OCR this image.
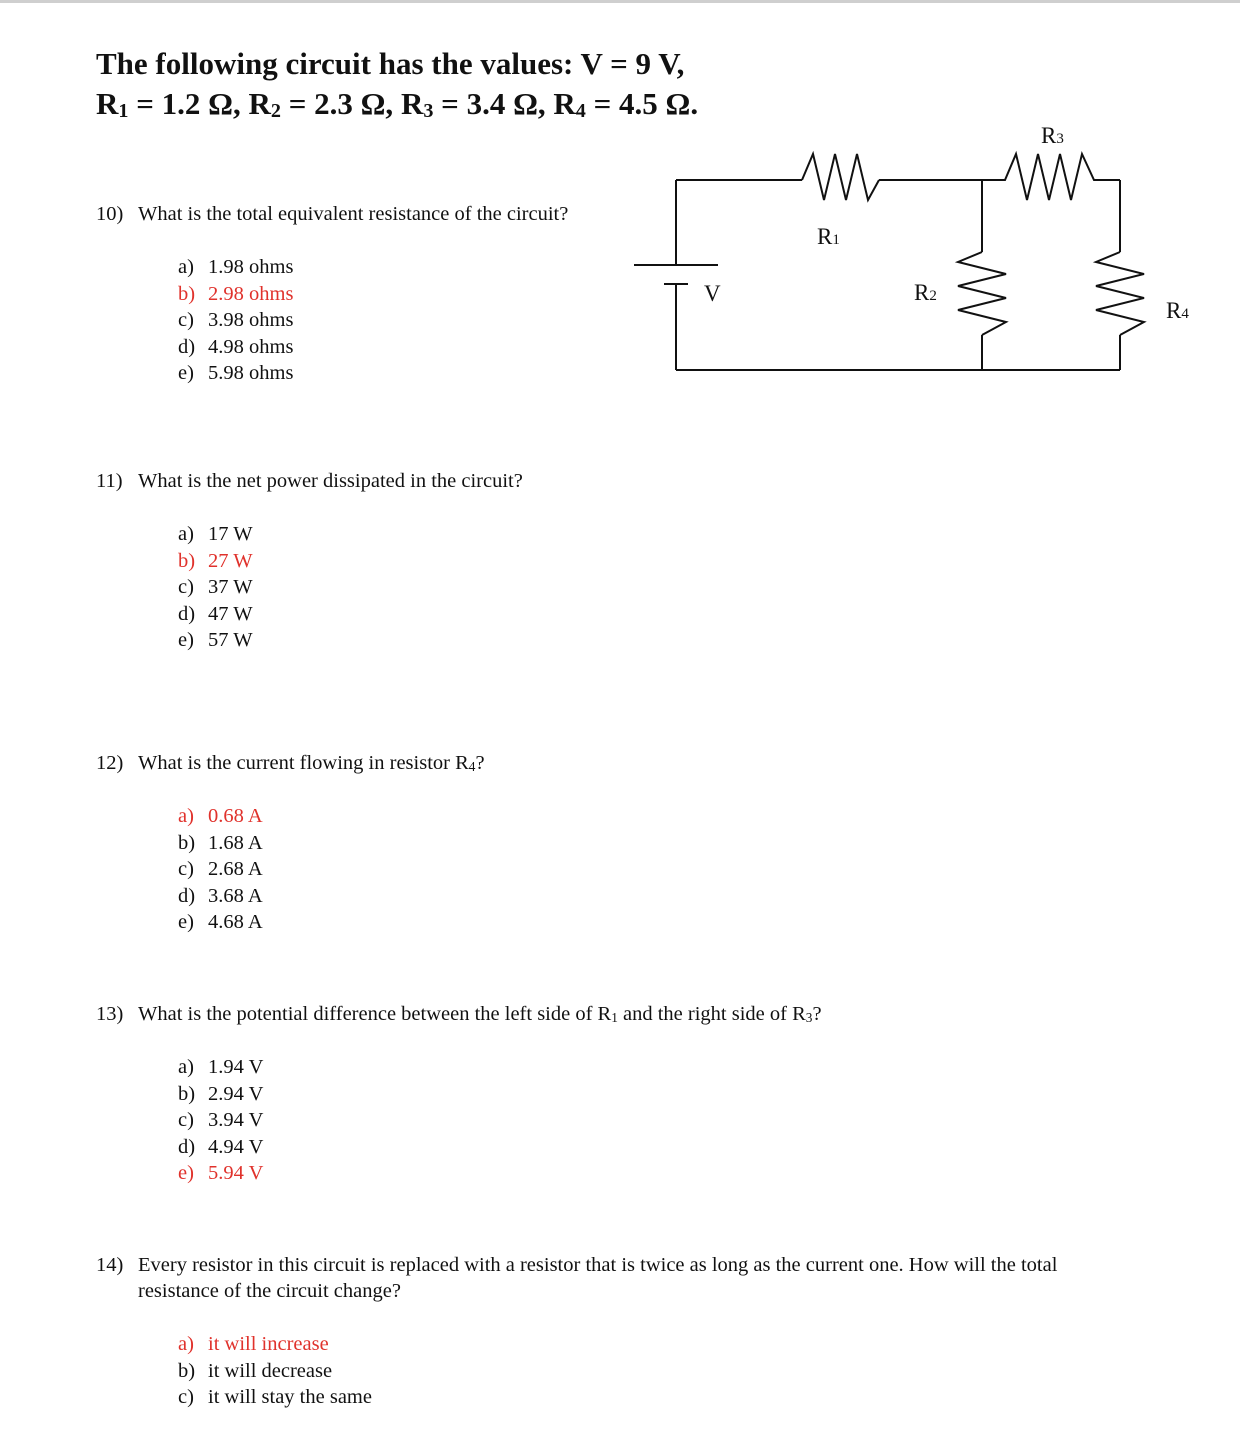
The following circuit has the values: V = 9 V,
$R_1 = 1.2$ Ω, $R_2 = 2.3$ Ω, $R_3 = 3.4$ Ω, $R_4 = 4.5$ Ω.
V
R1
R2
R3
R4
10) What is the total equivalent resistance of the circuit?
a) 1.98 ohms
b) 2.98 ohms
c) 3.98 ohms
d) 4.98 ohms
e) 5.98 ohms
11) What is the net power dissipated in the circuit?
a) 17 W
b) 27 W
c) 37 W
d) 47 W
e) 57 W
12) What is the current flowing in resistor $R_4$?
a) 0.68 A
b) 1.68 A
c) 2.68 A
d) 3.68 A
e) 4.68 A
13) What is the potential difference between the left side of $R_1$ and the right side of $R_3$?
a) 1.94 V
b) 2.94 V
c) 3.94 V
d) 4.94 V
e) 5.94 V
14) Every resistor in this circuit is replaced with a resistor that is twice as long as the current one. How will the total resistance of the circuit change?
a) it will increase
b) it will decrease
c) it will stay the same
